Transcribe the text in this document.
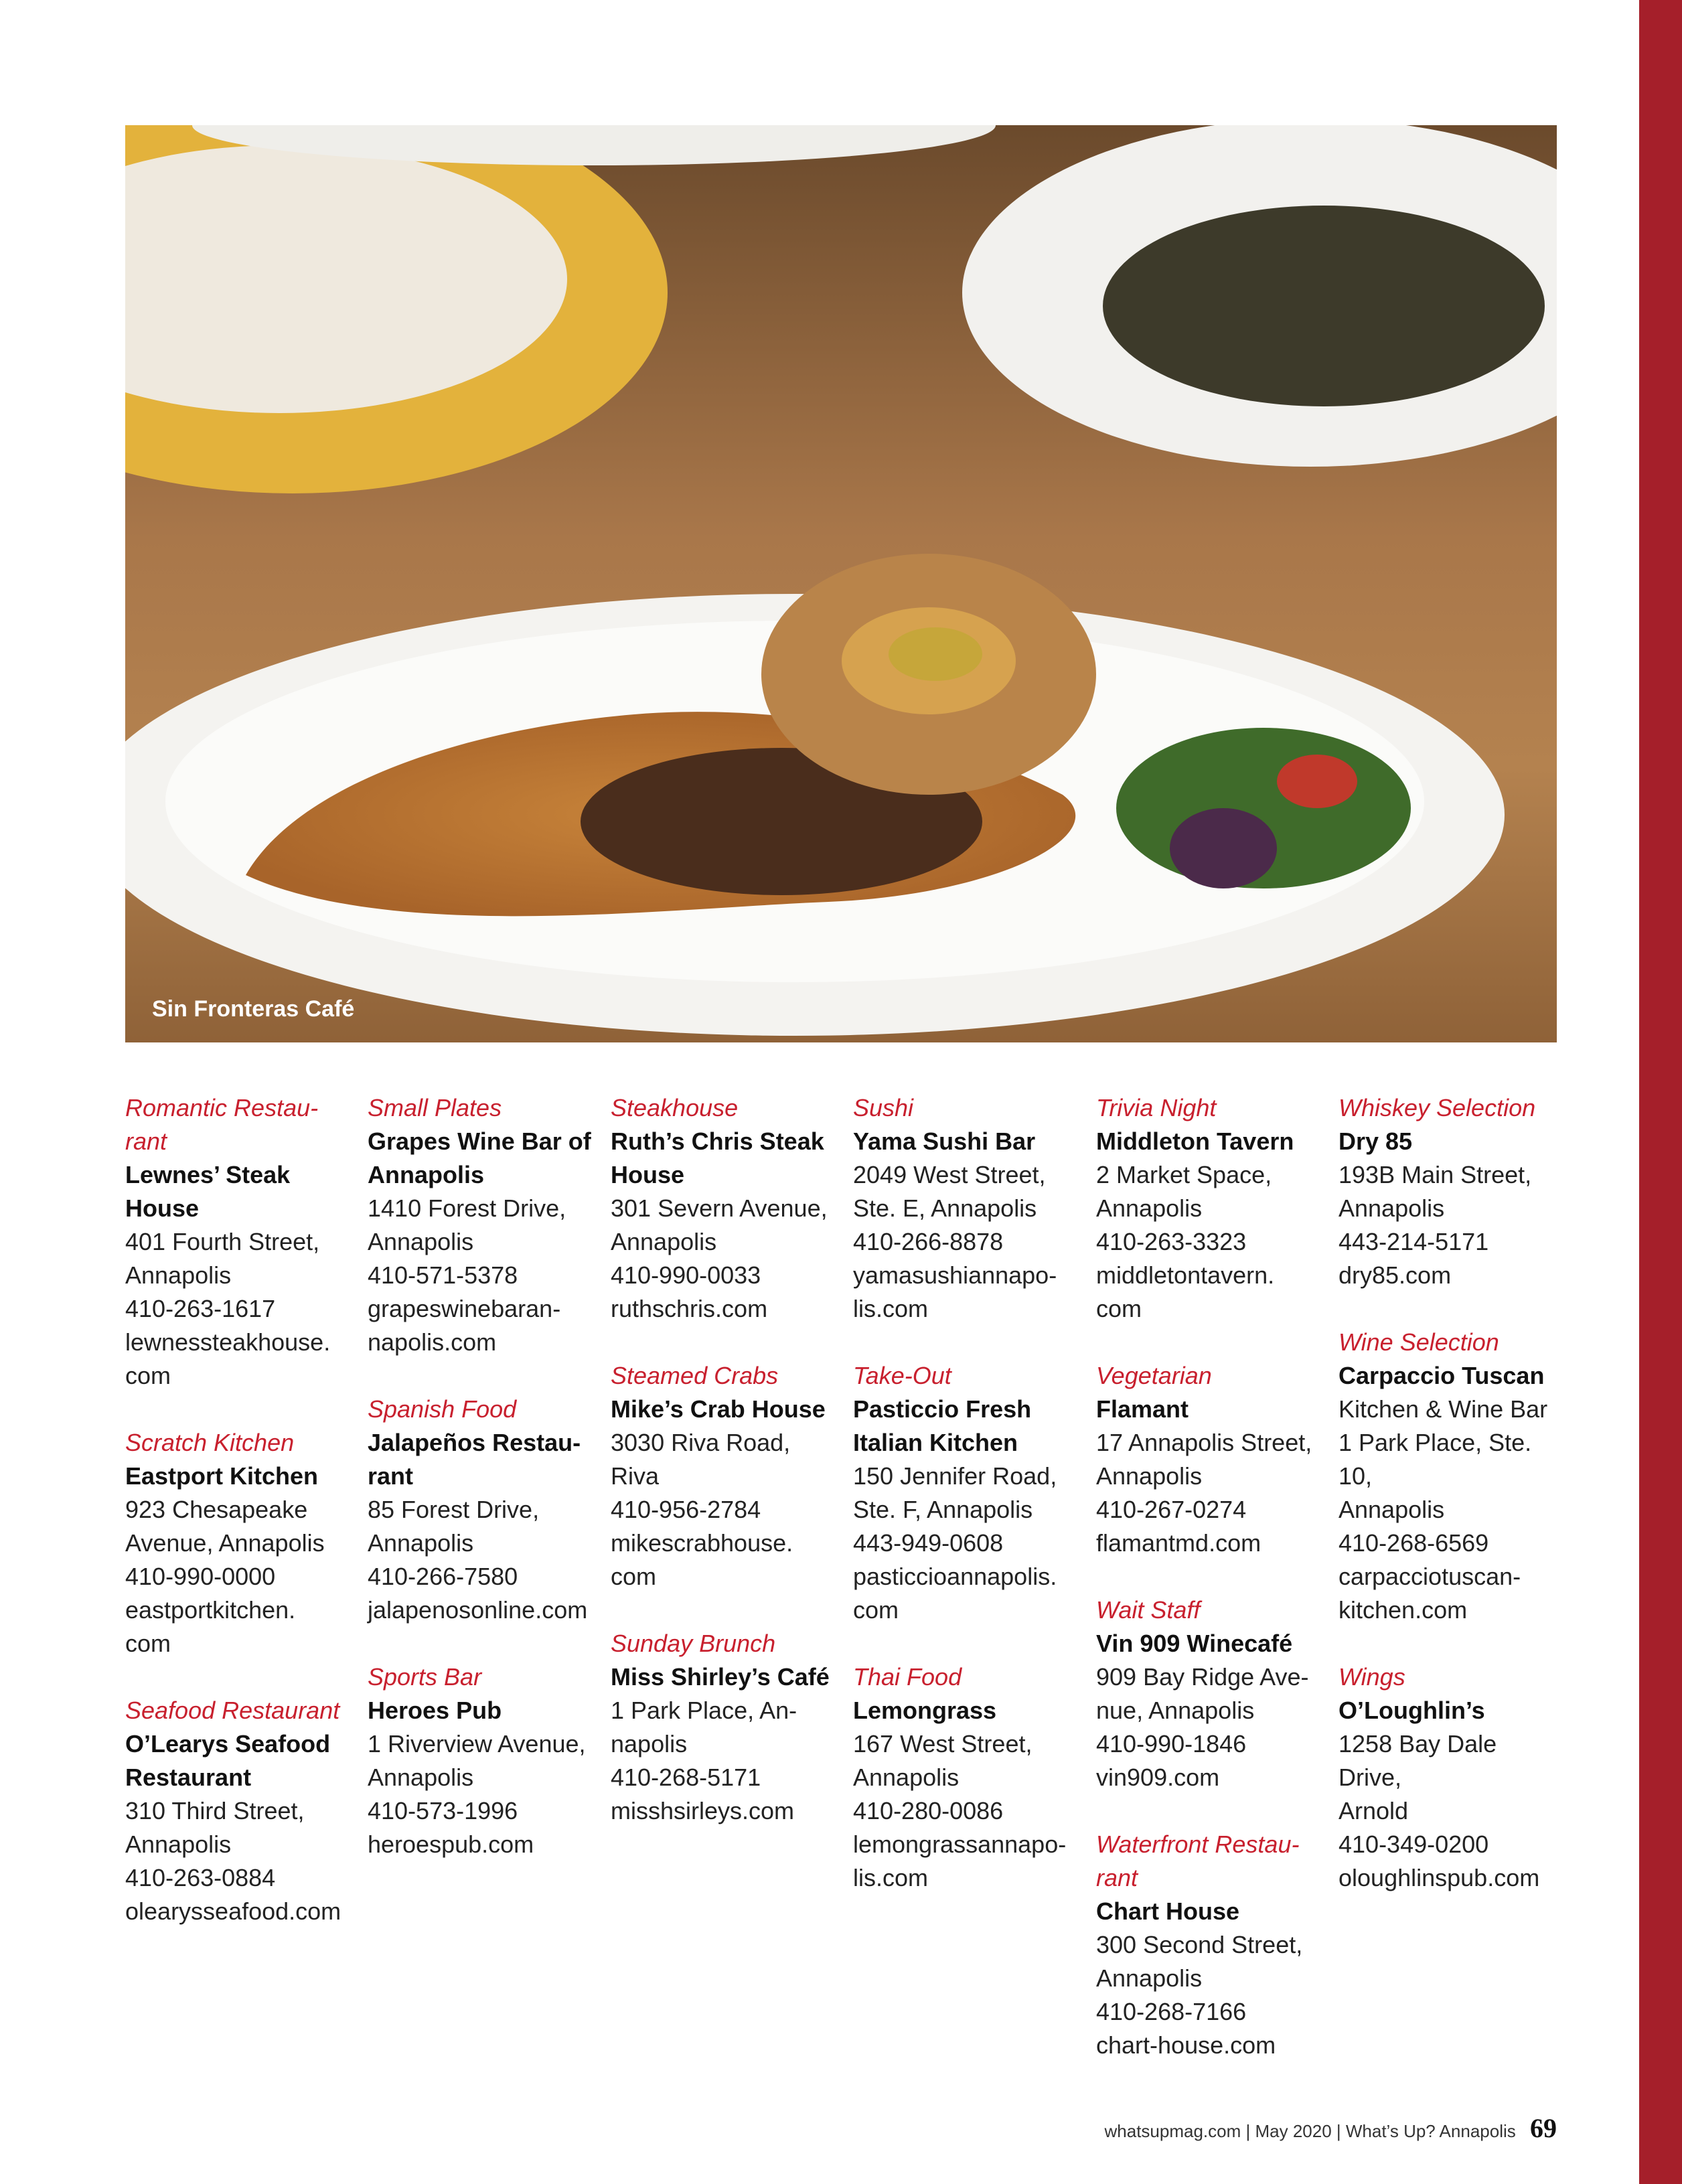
Sin Fronteras Café
Romantic Restau-
rant
Lewnes’ Steak
House
401 Fourth Street,
Annapolis
410-263-1617
lewnessteakhouse.
com
Scratch Kitchen
Eastport Kitchen
923 Chesapeake
Avenue, Annapolis
410-990-0000
eastportkitchen.
com
Seafood Restaurant
O’Learys Seafood
Restaurant
310 Third Street,
Annapolis
410-263-0884
olearysseafood.com
Small Plates
Grapes Wine Bar of
Annapolis
1410 Forest Drive,
Annapolis
410-571-5378
grapeswinebaran-
napolis.com
Spanish Food
Jalapeños Restau-
rant
85 Forest Drive,
Annapolis
410-266-7580
jalapenosonline.com
Sports Bar
Heroes Pub
1 Riverview Avenue,
Annapolis
410-573-1996
heroespub.com
Steakhouse
Ruth’s Chris Steak
House
301 Severn Avenue,
Annapolis
410-990-0033
ruthschris.com
Steamed Crabs
Mike’s Crab House
3030 Riva Road,
Riva
410-956-2784
mikescrabhouse.
com
Sunday Brunch
Miss Shirley’s Café
1 Park Place, An-
napolis
410-268-5171
misshsirleys.com
Sushi
Yama Sushi Bar
2049 West Street,
Ste. E, Annapolis
410-266-8878
yamasushiannapo-
lis.com
Take-Out
Pasticcio Fresh
Italian Kitchen
150 Jennifer Road,
Ste. F, Annapolis
443-949-0608
pasticcioannapolis.
com
Thai Food
Lemongrass
167 West Street,
Annapolis
410-280-0086
lemongrassannapo-
lis.com
Trivia Night
Middleton Tavern
2 Market Space,
Annapolis
410-263-3323
middletontavern.
com
Vegetarian
Flamant
17 Annapolis Street,
Annapolis
410-267-0274
flamantmd.com
Wait Staff
Vin 909 Winecafé
909 Bay Ridge Ave-
nue, Annapolis
410-990-1846
vin909.com
Waterfront Restau-
rant
Chart House
300 Second Street,
Annapolis
410-268-7166
chart-house.com
Whiskey Selection
Dry 85
193B Main Street,
Annapolis
443-214-5171
dry85.com
Wine Selection
Carpaccio Tuscan
Kitchen & Wine Bar
1 Park Place, Ste. 10,
Annapolis
410-268-6569
carpacciotuscan-
kitchen.com
Wings
O’Loughlin’s
1258 Bay Dale Drive,
Arnold
410-349-0200
oloughlinspub.com
whatsupmag.com | May 2020 | What’s Up? Annapolis 69
